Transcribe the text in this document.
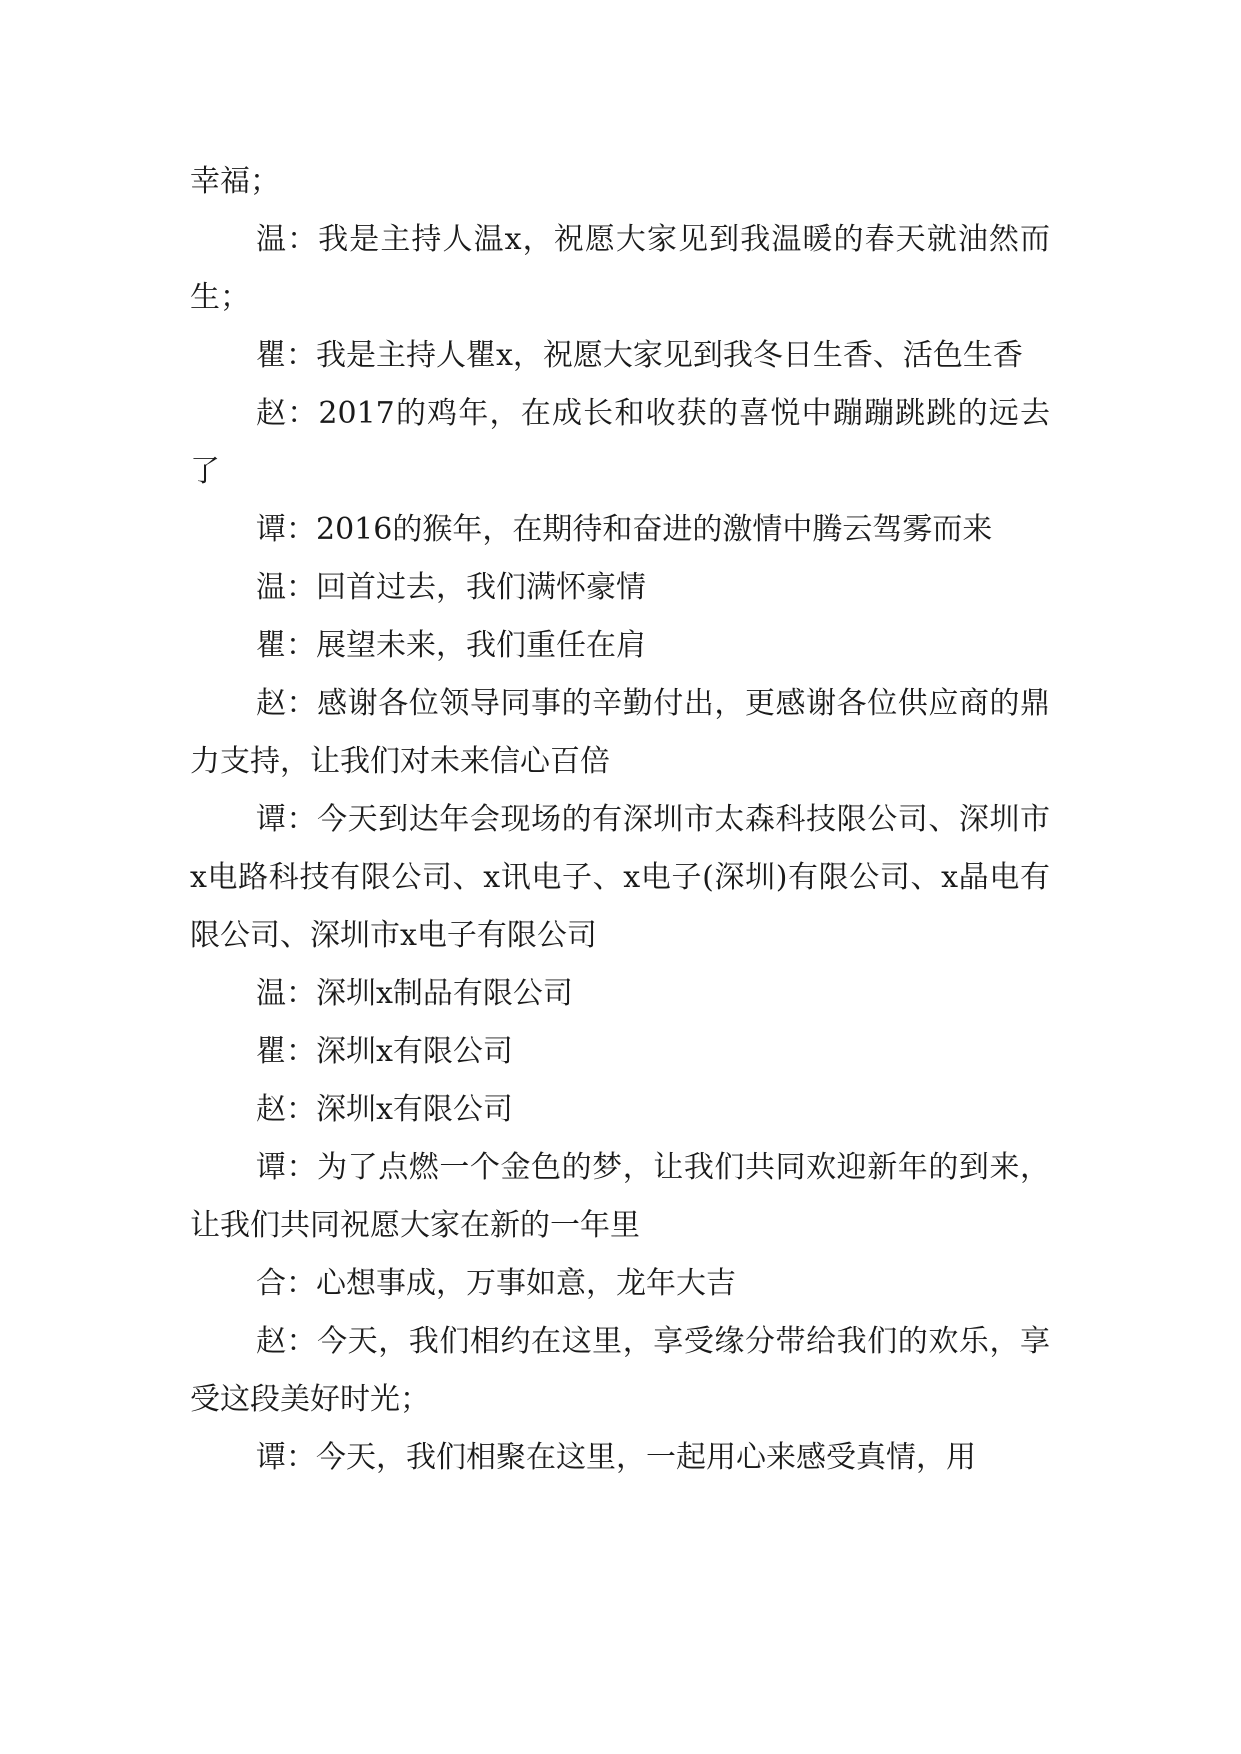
幸福；

温：我是主持人温x，祝愿大家见到我温暖的春天就油然而生；

瞿：我是主持人瞿x，祝愿大家见到我冬日生香、活色生香

赵：2017的鸡年，在成长和收获的喜悦中蹦蹦跳跳的远去了

谭：2016的猴年，在期待和奋进的激情中腾云驾雾而来

温：回首过去，我们满怀豪情

瞿：展望未来，我们重任在肩

赵：感谢各位领导同事的辛勤付出，更感谢各位供应商的鼎力支持，让我们对未来信心百倍

谭：今天到达年会现场的有深圳市太森科技限公司、深圳市x电路科技有限公司、x讯电子、x电子(深圳)有限公司、x晶电有限公司、深圳市x电子有限公司

温：深圳x制品有限公司

瞿：深圳x有限公司

赵：深圳x有限公司

谭：为了点燃一个金色的梦，让我们共同欢迎新年的到来，让我们共同祝愿大家在新的一年里

合：心想事成，万事如意，龙年大吉

赵：今天，我们相约在这里，享受缘分带给我们的欢乐，享受这段美好时光；

谭：今天，我们相聚在这里，一起用心来感受真情，用
